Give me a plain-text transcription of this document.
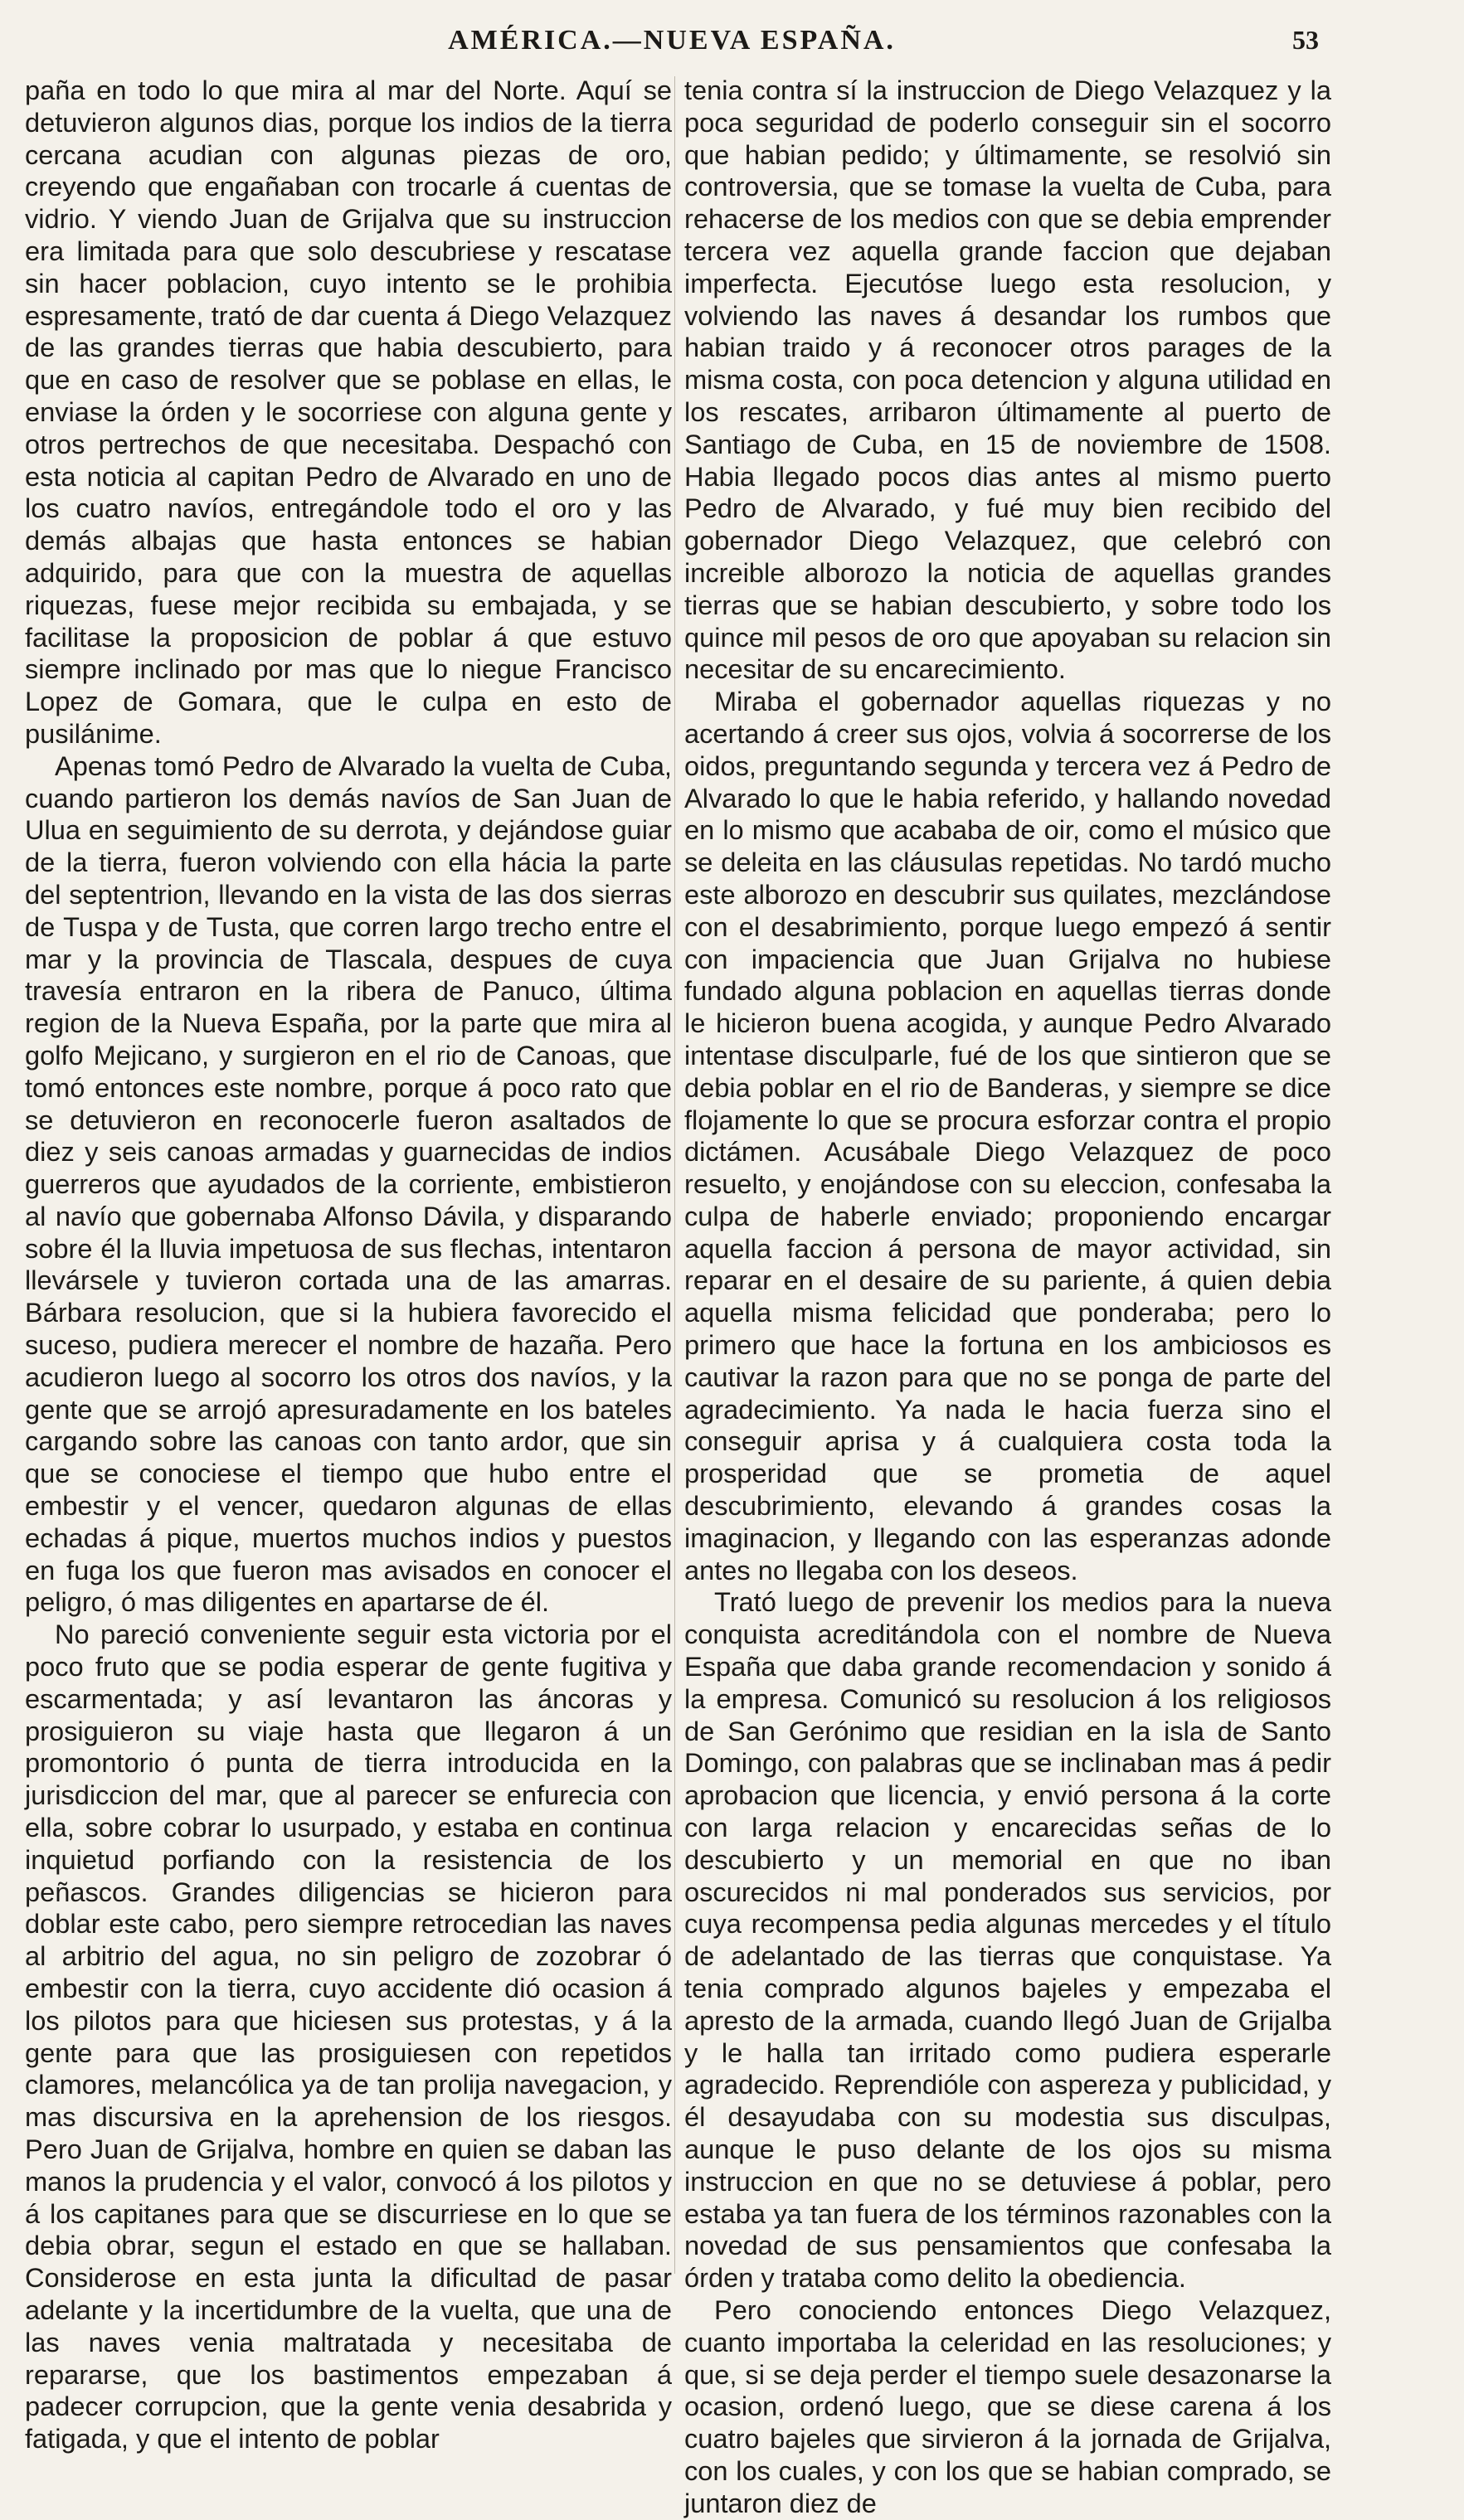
AMÉRICA.—NUEVA ESPAÑA.	53

paña en todo lo que mira al mar del Norte. Aquí se detuvieron algunos dias, porque los indios de la tierra cercana acudian con algunas piezas de oro, creyendo que engañaban con trocarle á cuentas de vidrio. Y viendo Juan de Grijalva que su instruccion era limitada para que solo descubriese y rescatase sin hacer poblacion, cuyo intento se le prohibia espresamente, trató de dar cuenta á Diego Velazquez de las grandes tierras que habia descubierto, para que en caso de resolver que se poblase en ellas, le enviase la órden y le socorriese con alguna gente y otros pertrechos de que necesitaba. Despachó con esta noticia al capitan Pedro de Alvarado en uno de los cuatro navíos, entregándole todo el oro y las demás albajas que hasta entonces se habian adquirido, para que con la muestra de aquellas riquezas, fuese mejor recibida su embajada, y se facilitase la proposicion de poblar á que estuvo siempre inclinado por mas que lo niegue Francisco Lopez de Gomara, que le culpa en esto de pusilánime.

Apenas tomó Pedro de Alvarado la vuelta de Cuba, cuando partieron los demás navíos de San Juan de Ulua en seguimiento de su derrota, y dejándose guiar de la tierra, fueron volviendo con ella hácia la parte del septentrion, llevando en la vista de las dos sierras de Tuspa y de Tusta, que corren largo trecho entre el mar y la provincia de Tlascala, despues de cuya travesía entraron en la ribera de Panuco, última region de la Nueva España, por la parte que mira al golfo Mejicano, y surgieron en el rio de Canoas, que tomó entonces este nombre, porque á poco rato que se detuvieron en reconocerle fueron asaltados de diez y seis canoas armadas y guarnecidas de indios guerreros que ayudados de la corriente, embistieron al navío que gobernaba Alfonso Dávila, y disparando sobre él la lluvia impetuosa de sus flechas, intentaron llevársele y tuvieron cortada una de las amarras. Bárbara resolucion, que si la hubiera favorecido el suceso, pudiera merecer el nombre de hazaña. Pero acudieron luego al socorro los otros dos navíos, y la gente que se arrojó apresuradamente en los bateles cargando sobre las canoas con tanto ardor, que sin que se conociese el tiempo que hubo entre el embestir y el vencer, quedaron algunas de ellas echadas á pique, muertos muchos indios y puestos en fuga los que fueron mas avisados en conocer el peligro, ó mas diligentes en apartarse de él.

No pareció conveniente seguir esta victoria por el poco fruto que se podia esperar de gente fugitiva y escarmentada; y así levantaron las áncoras y prosiguieron su viaje hasta que llegaron á un promontorio ó punta de tierra introducida en la jurisdiccion del mar, que al parecer se enfurecia con ella, sobre cobrar lo usurpado, y estaba en continua inquietud porfiando con la resistencia de los peñascos. Grandes diligencias se hicieron para doblar este cabo, pero siempre retrocedian las naves al arbitrio del agua, no sin peligro de zozobrar ó embestir con la tierra, cuyo accidente dió ocasion á los pilotos para que hiciesen sus protestas, y á la gente para que las prosiguiesen con repetidos clamores, melancólica ya de tan prolija navegacion, y mas discursiva en la aprehension de los riesgos. Pero Juan de Grijalva, hombre en quien se daban las manos la prudencia y el valor, convocó á los pilotos y á los capitanes para que se discurriese en lo que se debia obrar, segun el estado en que se hallaban. Considerose en esta junta la dificultad de pasar adelante y la incertidumbre de la vuelta, que una de las naves venia maltratada y necesitaba de repararse, que los bastimentos empezaban á padecer corrupcion, que la gente venia desabrida y fatigada, y que el intento de poblar

tenia contra sí la instruccion de Diego Velazquez y la poca seguridad de poderlo conseguir sin el socorro que habian pedido; y últimamente, se resolvió sin controversia, que se tomase la vuelta de Cuba, para rehacerse de los medios con que se debia emprender tercera vez aquella grande faccion que dejaban imperfecta. Ejecutóse luego esta resolucion, y volviendo las naves á desandar los rumbos que habian traido y á reconocer otros parages de la misma costa, con poca detencion y alguna utilidad en los rescates, arribaron últimamente al puerto de Santiago de Cuba, en 15 de noviembre de 1508. Habia llegado pocos dias antes al mismo puerto Pedro de Alvarado, y fué muy bien recibido del gobernador Diego Velazquez, que celebró con increible alborozo la noticia de aquellas grandes tierras que se habian descubierto, y sobre todo los quince mil pesos de oro que apoyaban su relacion sin necesitar de su encarecimiento.

Miraba el gobernador aquellas riquezas y no acertando á creer sus ojos, volvia á socorrerse de los oidos, preguntando segunda y tercera vez á Pedro de Alvarado lo que le habia referido, y hallando novedad en lo mismo que acababa de oir, como el músico que se deleita en las cláusulas repetidas. No tardó mucho este alborozo en descubrir sus quilates, mezclándose con el desabrimiento, porque luego empezó á sentir con impaciencia que Juan Grijalva no hubiese fundado alguna poblacion en aquellas tierras donde le hicieron buena acogida, y aunque Pedro Alvarado intentase disculparle, fué de los que sintieron que se debia poblar en el rio de Banderas, y siempre se dice flojamente lo que se procura esforzar contra el propio dictámen. Acusábale Diego Velazquez de poco resuelto, y enojándose con su eleccion, confesaba la culpa de haberle enviado; proponiendo encargar aquella faccion á persona de mayor actividad, sin reparar en el desaire de su pariente, á quien debia aquella misma felicidad que ponderaba; pero lo primero que hace la fortuna en los ambiciosos es cautivar la razon para que no se ponga de parte del agradecimiento. Ya nada le hacia fuerza sino el conseguir aprisa y á cualquiera costa toda la prosperidad que se prometia de aquel descubrimiento, elevando á grandes cosas la imaginacion, y llegando con las esperanzas adonde antes no llegaba con los deseos.

Trató luego de prevenir los medios para la nueva conquista acreditándola con el nombre de Nueva España que daba grande recomendacion y sonido á la empresa. Comunicó su resolucion á los religiosos de San Gerónimo que residian en la isla de Santo Domingo, con palabras que se inclinaban mas á pedir aprobacion que licencia, y envió persona á la corte con larga relacion y encarecidas señas de lo descubierto y un memorial en que no iban oscurecidos ni mal ponderados sus servicios, por cuya recompensa pedia algunas mercedes y el título de adelantado de las tierras que conquistase. Ya tenia comprado algunos bajeles y empezaba el apresto de la armada, cuando llegó Juan de Grijalba y le halla tan irritado como pudiera esperarle agradecido. Reprendióle con aspereza y publicidad, y él desayudaba con su modestia sus disculpas, aunque le puso delante de los ojos su misma instruccion en que no se detuviese á poblar, pero estaba ya tan fuera de los términos razonables con la novedad de sus pensamientos que confesaba la órden y trataba como delito la obediencia.

Pero conociendo entonces Diego Velazquez, cuanto importaba la celeridad en las resoluciones; y que, si se deja perder el tiempo suele desazonarse la ocasion, ordenó luego, que se diese carena á los cuatro bajeles que sirvieron á la jornada de Grijalva, con los cuales, y con los que se habian comprado, se juntaron diez de
